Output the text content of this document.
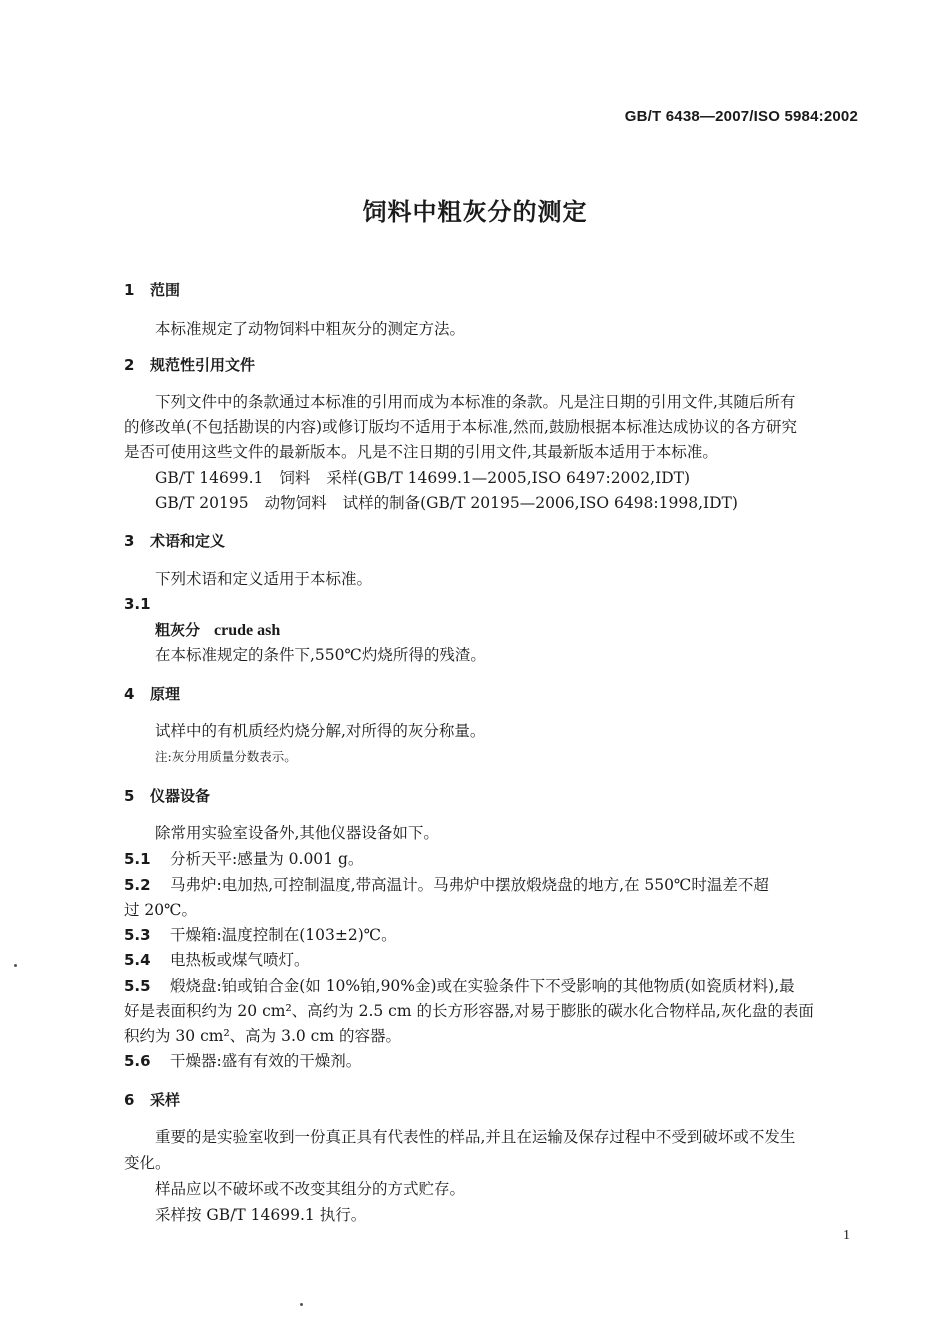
GB/T 6438—2007/ISO 5984:2002
饲料中粗灰分的测定
1 范围
本标准规定了动物饲料中粗灰分的测定方法。
2 规范性引用文件
下列文件中的条款通过本标准的引用而成为本标准的条款。凡是注日期的引用文件,其随后所有
的修改单(不包括勘误的内容)或修订版均不适用于本标准,然而,鼓励根据本标准达成协议的各方研究
是否可使用这些文件的最新版本。凡是不注日期的引用文件,其最新版本适用于本标准。
GB/T 14699.1 饲料 采样(GB/T 14699.1—2005,ISO 6497:2002,IDT)
GB/T 20195 动物饲料 试样的制备(GB/T 20195—2006,ISO 6498:1998,IDT)
3 术语和定义
下列术语和定义适用于本标准。
3.1
粗灰分 crude ash
在本标准规定的条件下,550℃灼烧所得的残渣。
4 原理
试样中的有机质经灼烧分解,对所得的灰分称量。
注:灰分用质量分数表示。
5 仪器设备
除常用实验室设备外,其他仪器设备如下。
5.1 分析天平:感量为 0.001 g。
5.2 马弗炉:电加热,可控制温度,带高温计。马弗炉中摆放煅烧盘的地方,在 550℃时温差不超
过 20℃。
5.3 干燥箱:温度控制在(103±2)℃。
5.4 电热板或煤气喷灯。
5.5 煅烧盘:铂或铂合金(如 10%铂,90%金)或在实验条件下不受影响的其他物质(如瓷质材料),最
好是表面积约为 20 cm²、高约为 2.5 cm 的长方形容器,对易于膨胀的碳水化合物样品,灰化盘的表面
积约为 30 cm²、高为 3.0 cm 的容器。
5.6 干燥器:盛有有效的干燥剂。
6 采样
重要的是实验室收到一份真正具有代表性的样品,并且在运输及保存过程中不受到破坏或不发生
变化。
样品应以不破坏或不改变其组分的方式贮存。
采样按 GB/T 14699.1 执行。
1
